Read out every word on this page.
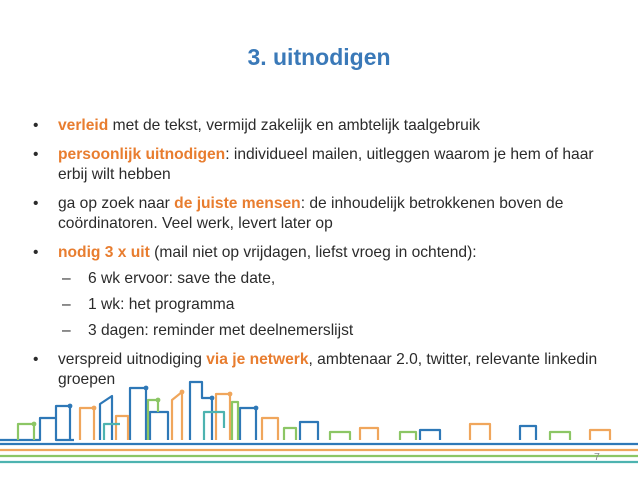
3. uitnodigen
• verleid met de tekst, vermijd zakelijk en ambtelijk taalgebruik
• persoonlijk uitnodigen: individueel mailen, uitleggen waarom je hem of haar erbij wilt hebben
• ga op zoek naar de juiste mensen: de inhoudelijk betrokkenen boven de coördinatoren. Veel werk, levert later op
• nodig 3 x uit (mail niet op vrijdagen, liefst vroeg in ochtend):
– 6 wk ervoor: save the date,
– 1 wk: het programma
– 3 dagen: reminder met deelnemerslijst
• verspreid uitnodiging via je netwerk, ambtenaar 2.0, twitter, relevante linkedin groepen
7
